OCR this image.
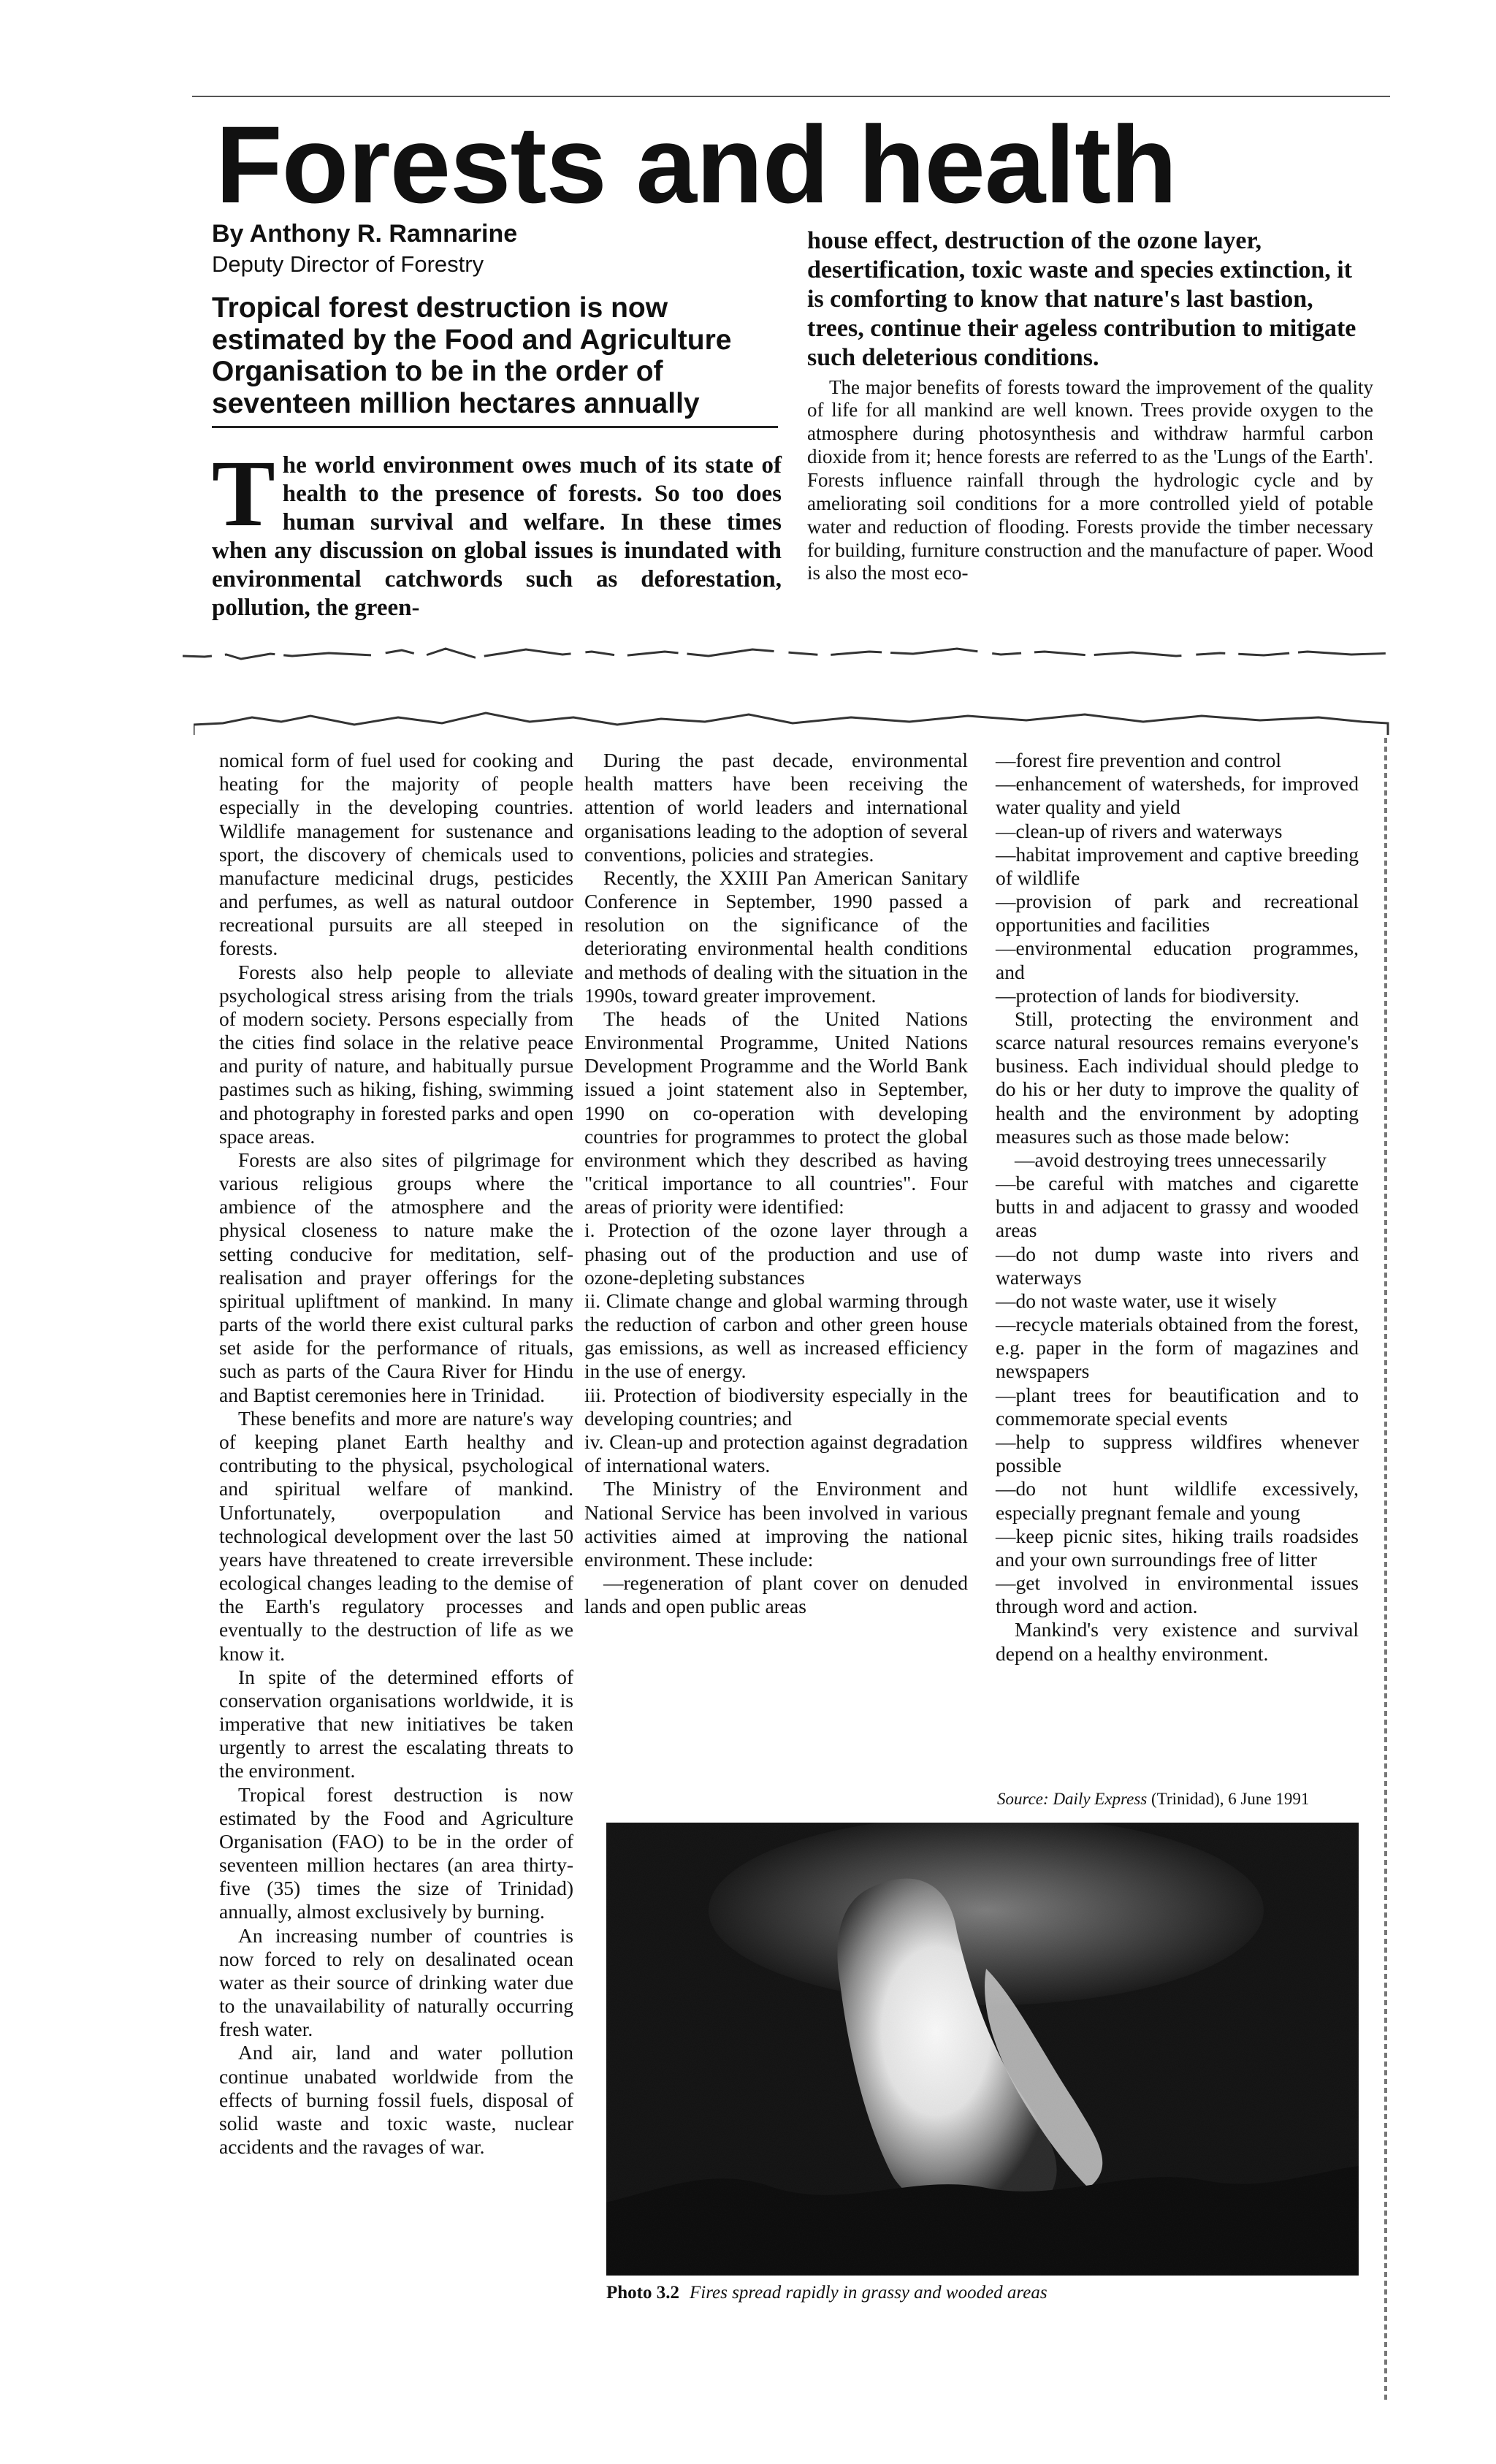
Forests and health
By Anthony R. Ramnarine
Deputy Director of Forestry

Tropical forest destruction is now estimated by the Food and Agriculture Organisation to be in the order of seventeen million hectares annually

The world environment owes much of its state of health to the presence of forests. So too does human survival and welfare. In these times when any discussion on global issues is inundated with environmental catchwords such as deforestation, pollution, the green-

house effect, destruction of the ozone layer, desertification, toxic waste and species extinction, it is comforting to know that nature's last bastion, trees, continue their ageless contribution to mitigate such deleterious conditions.

The major benefits of forests toward the improvement of the quality of life for all mankind are well known. Trees provide oxygen to the atmosphere during photosynthesis and withdraw harmful carbon dioxide from it; hence forests are referred to as the 'Lungs of the Earth'. Forests influence rainfall through the hydrologic cycle and by ameliorating soil conditions for a more controlled yield of potable water and reduction of flooding. Forests provide the timber necessary for building, furniture construction and the manufacture of paper. Wood is also the most eco-

nomical form of fuel used for cooking and heating for the majority of people especially in the developing countries. Wildlife management for sustenance and sport, the discovery of chemicals used to manufacture medicinal drugs, pesticides and perfumes, as well as natural outdoor recreational pursuits are all steeped in forests.

Forests also help people to alleviate psychological stress arising from the trials of modern society. Persons especially from the cities find solace in the relative peace and purity of nature, and habitually pursue pastimes such as hiking, fishing, swimming and photography in forested parks and open space areas.

Forests are also sites of pilgrimage for various religious groups where the ambience of the atmosphere and the physical closeness to nature make the setting conducive for meditation, self-realisation and prayer offerings for the spiritual upliftment of mankind. In many parts of the world there exist cultural parks set aside for the performance of rituals, such as parts of the Caura River for Hindu and Baptist ceremonies here in Trinidad.

These benefits and more are nature's way of keeping planet Earth healthy and contributing to the physical, psychological and spiritual welfare of mankind. Unfortunately, overpopulation and technological development over the last 50 years have threatened to create irreversible ecological changes leading to the demise of the Earth's regulatory processes and eventually to the destruction of life as we know it.

In spite of the determined efforts of conservation organisations worldwide, it is imperative that new initiatives be taken urgently to arrest the escalating threats to the environment.

Tropical forest destruction is now estimated by the Food and Agriculture Organisation (FAO) to be in the order of seventeen million hectares (an area thirty-five (35) times the size of Trinidad) annually, almost exclusively by burning.

An increasing number of countries is now forced to rely on desalinated ocean water as their source of drinking water due to the unavailability of naturally occurring fresh water.

And air, land and water pollution continue unabated worldwide from the effects of burning fossil fuels, disposal of solid waste and toxic waste, nuclear accidents and the ravages of war.

During the past decade, environmental health matters have been receiving the attention of world leaders and international organisations leading to the adoption of several conventions, policies and strategies.

Recently, the XXIII Pan American Sanitary Conference in September, 1990 passed a resolution on the significance of the deteriorating environmental health conditions and methods of dealing with the situation in the 1990s, toward greater improvement.

The heads of the United Nations Environmental Programme, United Nations Development Programme and the World Bank issued a joint statement also in September, 1990 on co-operation with developing countries for programmes to protect the global environment which they described as having "critical importance to all countries". Four areas of priority were identified:

i. Protection of the ozone layer through a phasing out of the production and use of ozone-depleting substances

ii. Climate change and global warming through the reduction of carbon and other green house gas emissions, as well as increased efficiency in the use of energy.

iii. Protection of biodiversity especially in the developing countries; and

iv. Clean-up and protection against degradation of international waters.

The Ministry of the Environment and National Service has been involved in various activities aimed at improving the national environment. These include:

—regeneration of plant cover on denuded lands and open public areas

—forest fire prevention and control

—enhancement of watersheds, for improved water quality and yield

—clean-up of rivers and waterways

—habitat improvement and captive breeding of wildlife

—provision of park and recreational opportunities and facilities

—environmental education programmes, and

—protection of lands for biodiversity.

Still, protecting the environment and scarce natural resources remains everyone's business. Each individual should pledge to do his or her duty to improve the quality of health and the environment by adopting measures such as those made below:

—avoid destroying trees unnecessarily

—be careful with matches and cigarette butts in and adjacent to grassy and wooded areas

—do not dump waste into rivers and waterways

—do not waste water, use it wisely

—recycle materials obtained from the forest, e.g. paper in the form of magazines and newspapers

—plant trees for beautification and to commemorate special events

—help to suppress wildfires whenever possible

—do not hunt wildlife excessively, especially pregnant female and young

—keep picnic sites, hiking trails roadsides and your own surroundings free of litter

—get involved in environmental issues through word and action.

Mankind's very existence and survival depend on a healthy environment.

Source: Daily Express (Trinidad), 6 June 1991
Photo 3.2 Fires spread rapidly in grassy and wooded areas
